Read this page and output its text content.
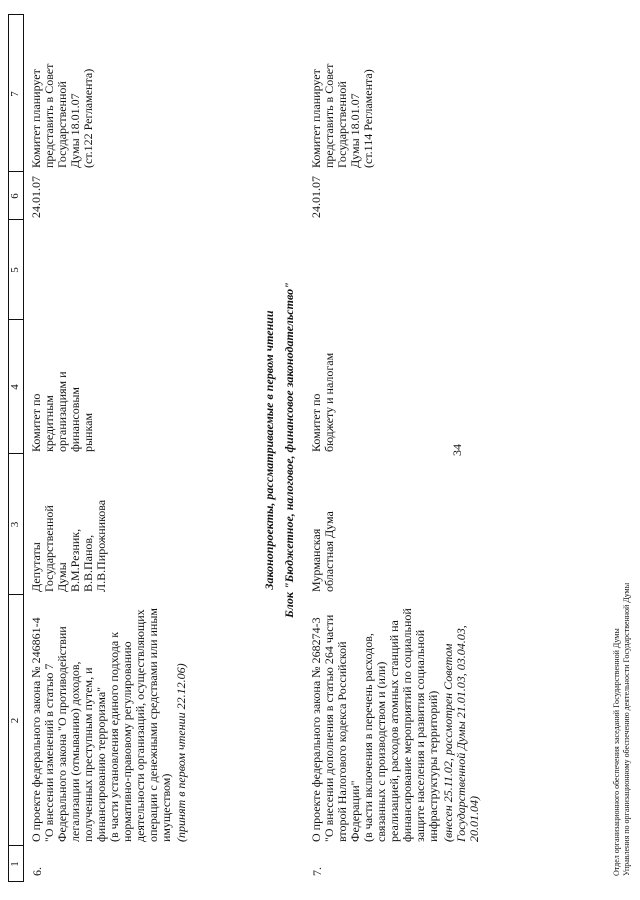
34
1
2
3
4
5
6
7
6.
О проекте федерального закона № 246861-4
"О внесении изменений в статью 7
Федерального закона "О противодействии
легализации (отмыванию) доходов,
полученных преступным путем, и
финансированию терроризма"
(в части установления единого подхода к
нормативно-правовому регулированию
деятельности организаций, осуществляющих
операции с денежными средствами или иным
имуществом) (принят в первом чтении 22.12.06)
Депутаты
Государственной
Думы
В.М.Резник,
В.В.Панов,
Л.В.Пирожникова
Комитет по
кредитным
организациям и
финансовым
рынкам
24.01.07
Комитет планирует
представить в Совет
Государственной
Думы 18.01.07
(ст.122 Регламента)
Законопроекты, рассматриваемые в первом чтении Блок "Бюджетное, налоговое, финансовое законодательство"
7.
О проекте федерального закона № 268274-3
"О внесении дополнения в статью 264 части
второй Налогового кодекса Российской
Федерации"
(в части включения в перечень расходов,
связанных с производством и (или)
реализацией, расходов атомных станций на
финансирование мероприятий по социальной
защите населения и развития социальной
инфраструктуры территорий)
(внесен 25.11.02, рассмотрен Советом
Государственной Думы 21.01.03, 03.04.03,
20.01.04)
Мурманская
областная Дума
Комитет по
бюджету и налогам
24.01.07
Комитет планирует
представить в Совет
Государственной
Думы 18.01.07
(ст.114 Регламента)
Отдел организационного обеспечения заседаний Государственной Думы Управления по организационному обеспечению деятельности Государственной Думы
